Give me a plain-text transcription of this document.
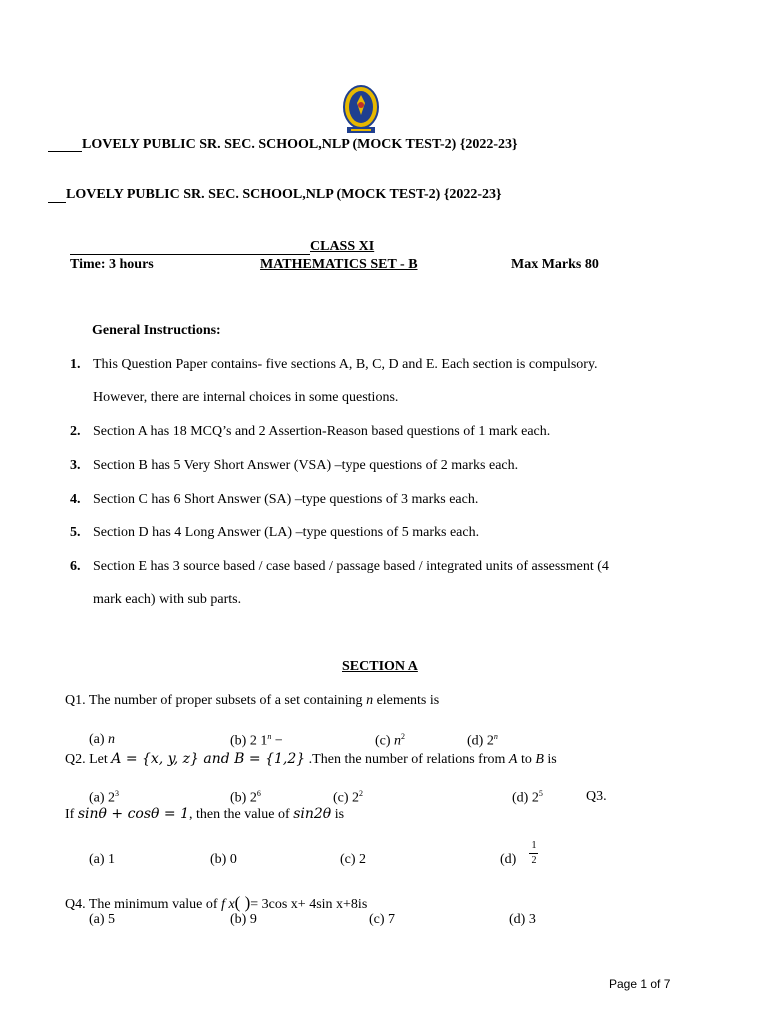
LOVELY PUBLIC SR. SEC. SCHOOL,NLP (MOCK TEST-2) {2022-23}
LOVELY PUBLIC SR. SEC. SCHOOL,NLP (MOCK TEST-2) {2022-23}
CLASS XI
Time: 3 hours	MATHEMATICS SET - B	Max Marks 80
General Instructions:
1. This Question Paper contains- five sections A, B, C, D and E. Each section is compulsory.
However, there are internal choices in some questions.
2. Section A has 18 MCQ’s and 2 Assertion-Reason based questions of 1 mark each.
3. Section B has 5 Very Short Answer (VSA) –type questions of 2 marks each.
4. Section C has 6 Short Answer (SA) –type questions of 3 marks each.
5. Section D has 4 Long Answer (LA) –type questions of 5 marks each.
6. Section E has 3 source based / case based / passage based / integrated units of assessment (4
mark each) with sub parts.
SECTION A
Q1. The number of proper subsets of a set containing n elements is
(a) n	(b) 2 $1^n$ −	(c) $n^2$	(d) 2$^n$
Q2. Let A = {x, y, z} and B = {1,2} .Then the number of relations from A to B is
(a) $2^3$	(b) $2^6$	(c) $2^2$	(d) $2^5$	Q3.
If sinθ + cosθ = 1, then the value of sin2θ is
(a) 1	(b) 0	(c) 2	(d)
1
2
Q4. The minimum value of f x( )= 3cos x+ 4sin x+8is
(a) 5	(b) 9	(c) 7	(d) 3
Page 1 of 7
